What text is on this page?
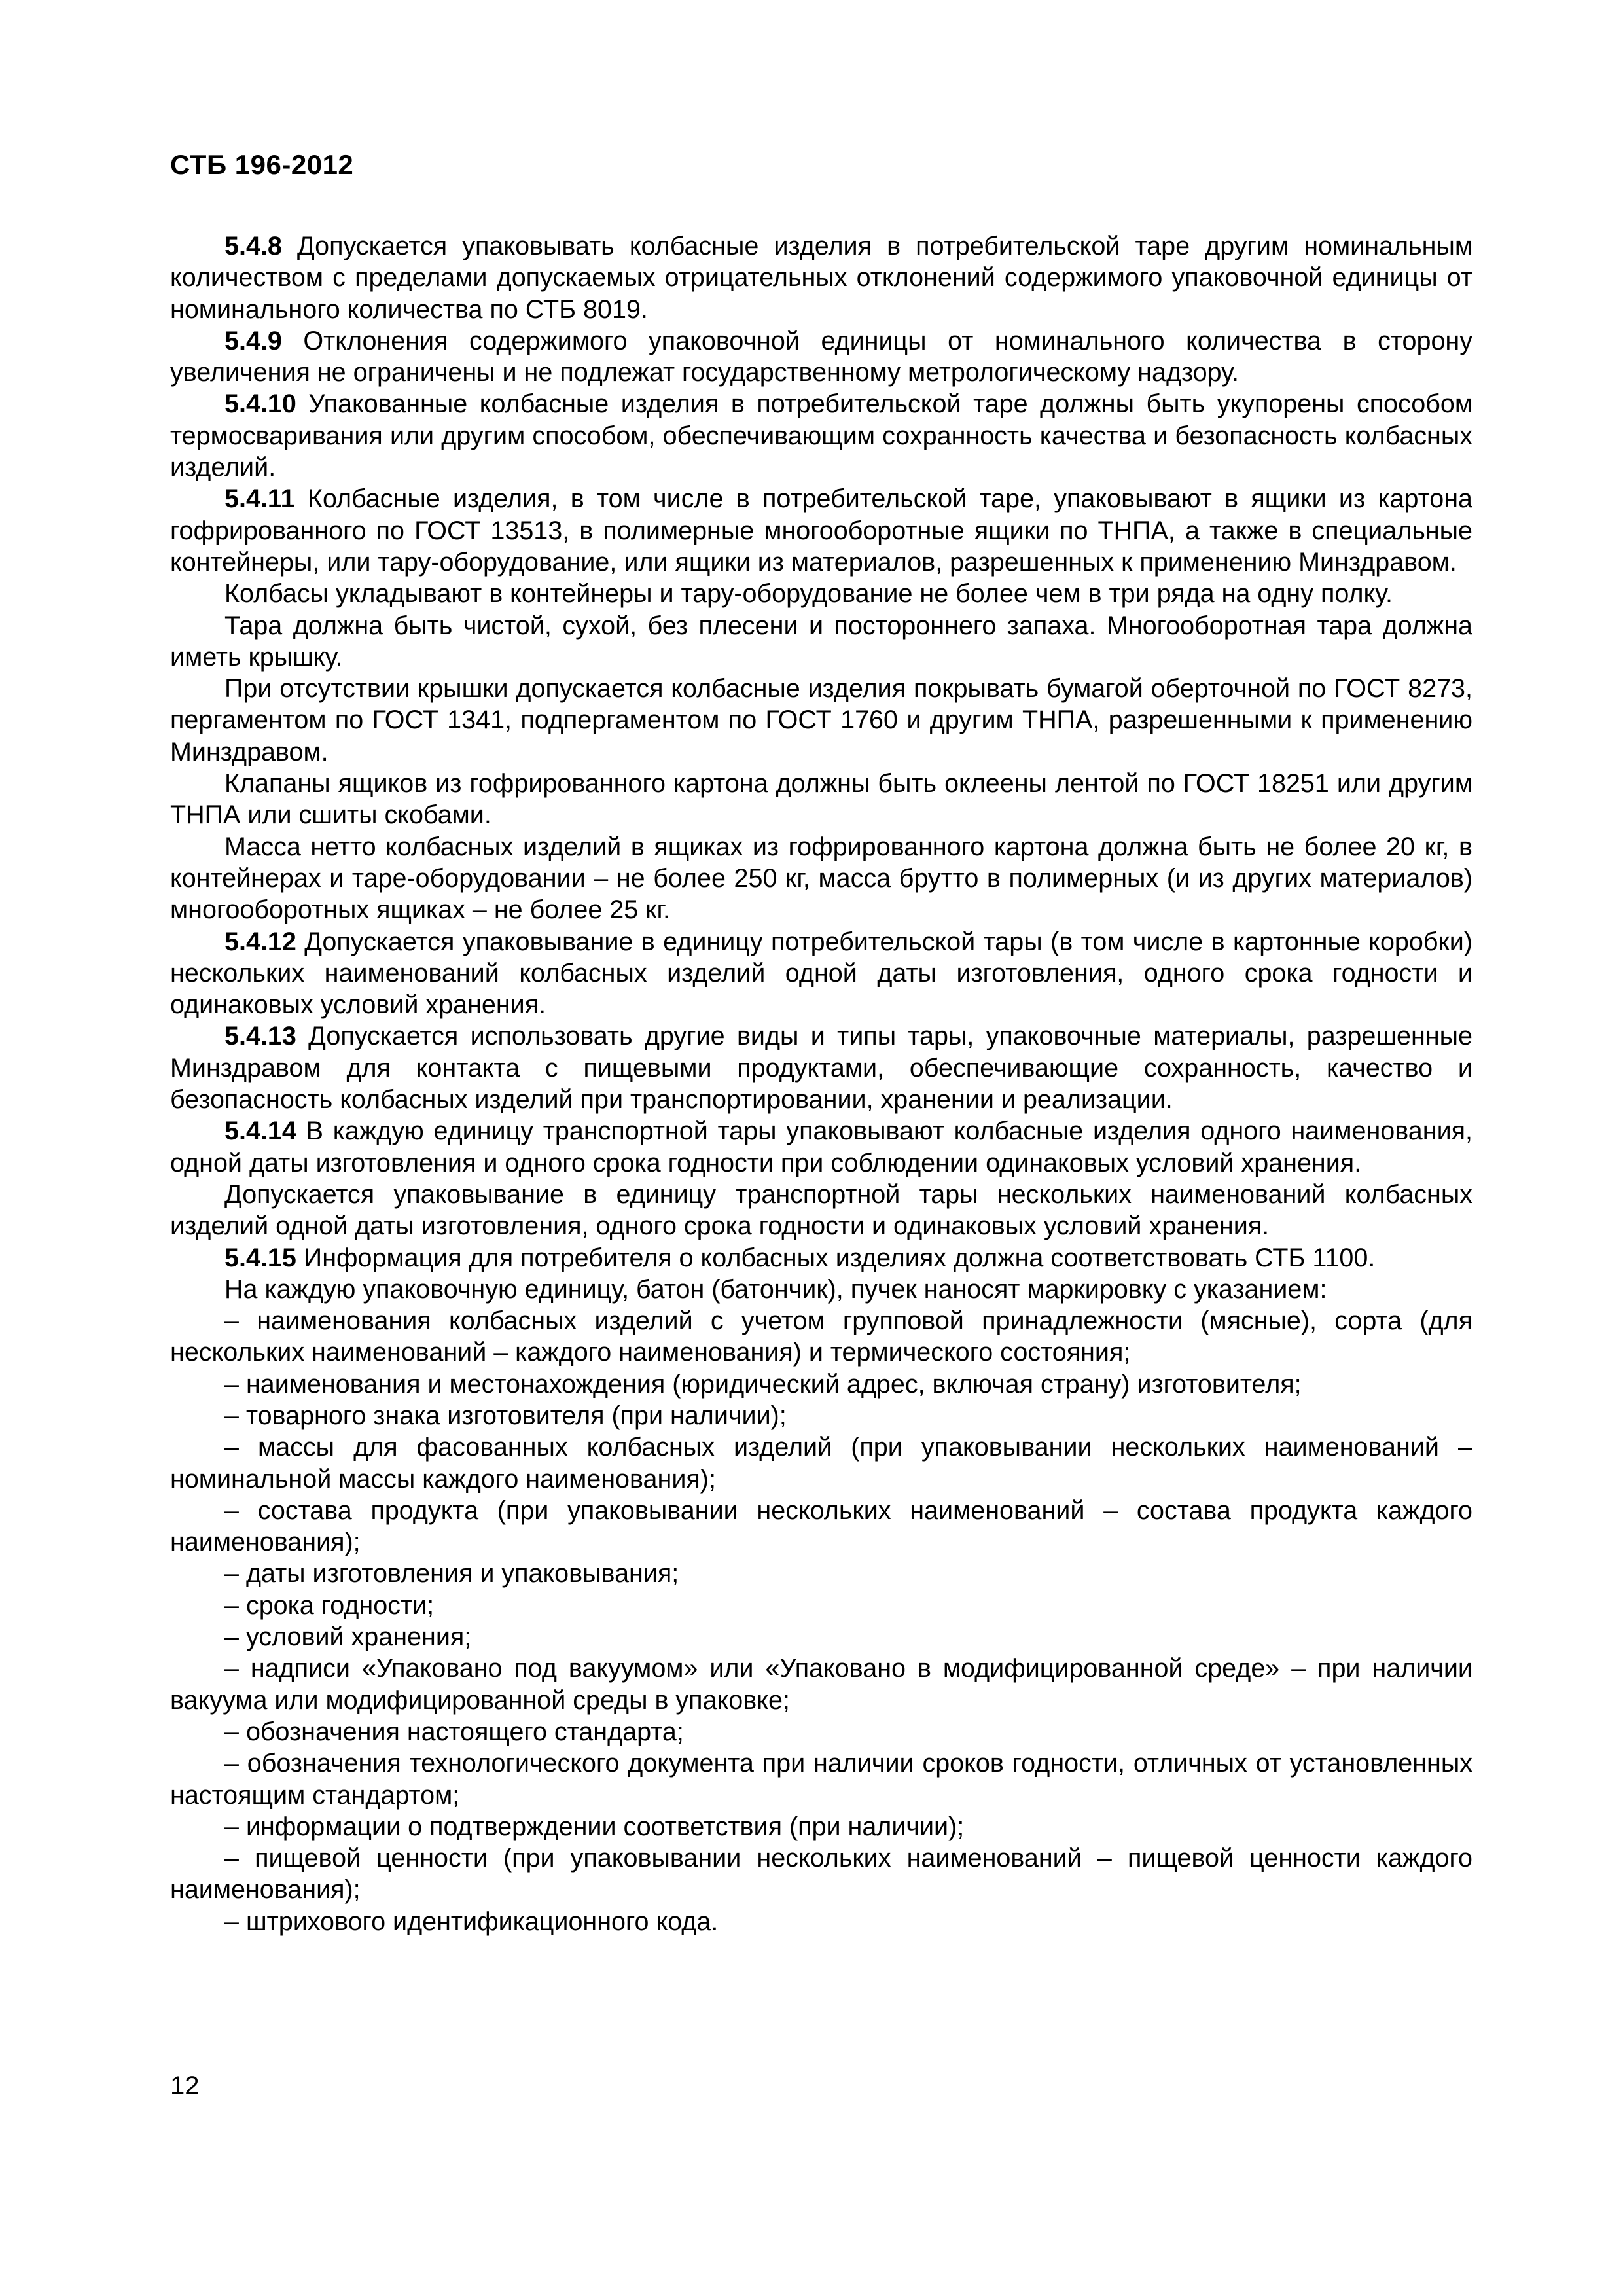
СТБ 196-2012

5.4.8 Допускается упаковывать колбасные изделия в потребительской таре другим номинальным количеством с пределами допускаемых отрицательных отклонений содержимого упаковочной единицы от номинального количества по СТБ 8019.

5.4.9 Отклонения содержимого упаковочной единицы от номинального количества в сторону увеличения не ограничены и не подлежат государственному метрологическому надзору.

5.4.10 Упакованные колбасные изделия в потребительской таре должны быть укупорены способом термосваривания или другим способом, обеспечивающим сохранность качества и безопасность колбасных изделий.

5.4.11 Колбасные изделия, в том числе в потребительской таре, упаковывают в ящики из картона гофрированного по ГОСТ 13513, в полимерные многооборотные ящики по ТНПА, а также в специальные контейнеры, или тару-оборудование, или ящики из материалов, разрешенных к применению Минздравом.

Колбасы укладывают в контейнеры и тару-оборудование не более чем в три ряда на одну полку.

Тара должна быть чистой, сухой, без плесени и постороннего запаха. Многооборотная тара должна иметь крышку.

При отсутствии крышки допускается колбасные изделия покрывать бумагой оберточной по ГОСТ 8273, пергаментом по ГОСТ 1341, подпергаментом по ГОСТ 1760 и другим ТНПА, разрешенными к применению Минздравом.

Клапаны ящиков из гофрированного картона должны быть оклеены лентой по ГОСТ 18251 или другим ТНПА или сшиты скобами.

Масса нетто колбасных изделий в ящиках из гофрированного картона должна быть не более 20 кг, в контейнерах и таре-оборудовании – не более 250 кг, масса брутто в полимерных (и из других материалов) многооборотных ящиках – не более 25 кг.

5.4.12 Допускается упаковывание в единицу потребительской тары (в том числе в картонные коробки) нескольких наименований колбасных изделий одной даты изготовления, одного срока годности и одинаковых условий хранения.

5.4.13 Допускается использовать другие виды и типы тары, упаковочные материалы, разрешенные Минздравом для контакта с пищевыми продуктами, обеспечивающие сохранность, качество и безопасность колбасных изделий при транспортировании, хранении и реализации.

5.4.14 В каждую единицу транспортной тары упаковывают колбасные изделия одного наименования, одной даты изготовления и одного срока годности при соблюдении одинаковых условий хранения.

Допускается упаковывание в единицу транспортной тары нескольких наименований колбасных изделий одной даты изготовления, одного срока годности и одинаковых условий хранения.

5.4.15 Информация для потребителя о колбасных изделиях должна соответствовать СТБ 1100.

На каждую упаковочную единицу, батон (батончик), пучек наносят маркировку с указанием:

– наименования колбасных изделий с учетом групповой принадлежности (мясные), сорта (для нескольких наименований – каждого наименования) и термического состояния;

– наименования и местонахождения (юридический адрес, включая страну) изготовителя;

– товарного знака изготовителя (при наличии);

– массы для фасованных колбасных изделий (при упаковывании нескольких наименований – номинальной массы каждого наименования);

– состава продукта (при упаковывании нескольких наименований – состава продукта каждого наименования);

– даты изготовления и упаковывания;

– срока годности;

– условий хранения;

– надписи «Упаковано под вакуумом» или «Упаковано в модифицированной среде» – при наличии вакуума или модифицированной среды в упаковке;

– обозначения настоящего стандарта;

– обозначения технологического документа при наличии сроков годности, отличных от установленных настоящим стандартом;

– информации о подтверждении соответствия (при наличии);

– пищевой ценности (при упаковывании нескольких наименований – пищевой ценности каждого наименования);

– штрихового идентификационного кода.

12
